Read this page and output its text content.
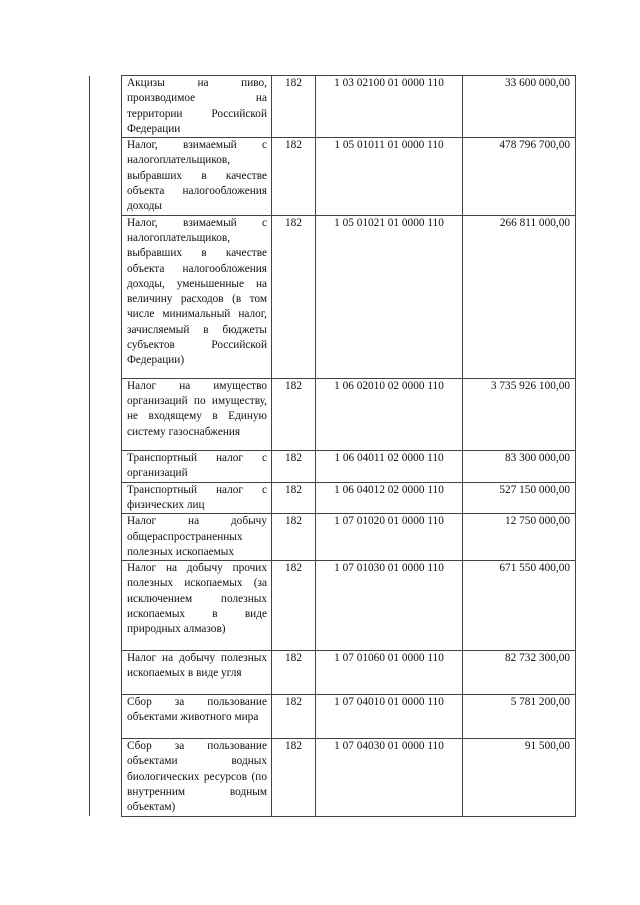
	Акцизы на пиво, производимое на территории Российской Федерации	182	1 03 02100 01 0000 110	33 600 000,00
	Налог, взимаемый с налогоплательщиков, выбравших в качестве объекта налогообложения доходы	182	1 05 01011 01 0000 110	478 796 700,00
	Налог, взимаемый с налогоплательщиков, выбравших в качестве объекта налогообложения доходы, уменьшенные на величину расходов (в том числе минимальный налог, зачисляемый в бюджеты субъектов Российской Федерации)	182	1 05 01021 01 0000 110	266 811 000,00
	Налог на имущество организаций по имуществу, не входящему в Единую систему газоснабжения	182	1 06 02010 02 0000 110	3 735 926 100,00
	Транспортный налог с организаций	182	1 06 04011 02 0000 110	83 300 000,00
	Транспортный налог с физических лиц	182	1 06 04012 02 0000 110	527 150 000,00
	Налог на добычу общераспространенных полезных ископаемых	182	1 07 01020 01 0000 110	12 750 000,00
	Налог на добычу прочих полезных ископаемых (за исключением полезных ископаемых в виде природных алмазов)	182	1 07 01030 01 0000 110	671 550 400,00
	Налог на добычу полезных ископаемых в виде угля	182	1 07 01060 01 0000 110	82 732 300,00
	Сбор за пользование объектами животного мира	182	1 07 04010 01 0000 110	5 781 200,00
	Сбор за пользование объектами водных биологических ресурсов (по внутренним водным объектам)	182	1 07 04030 01 0000 110	91 500,00
